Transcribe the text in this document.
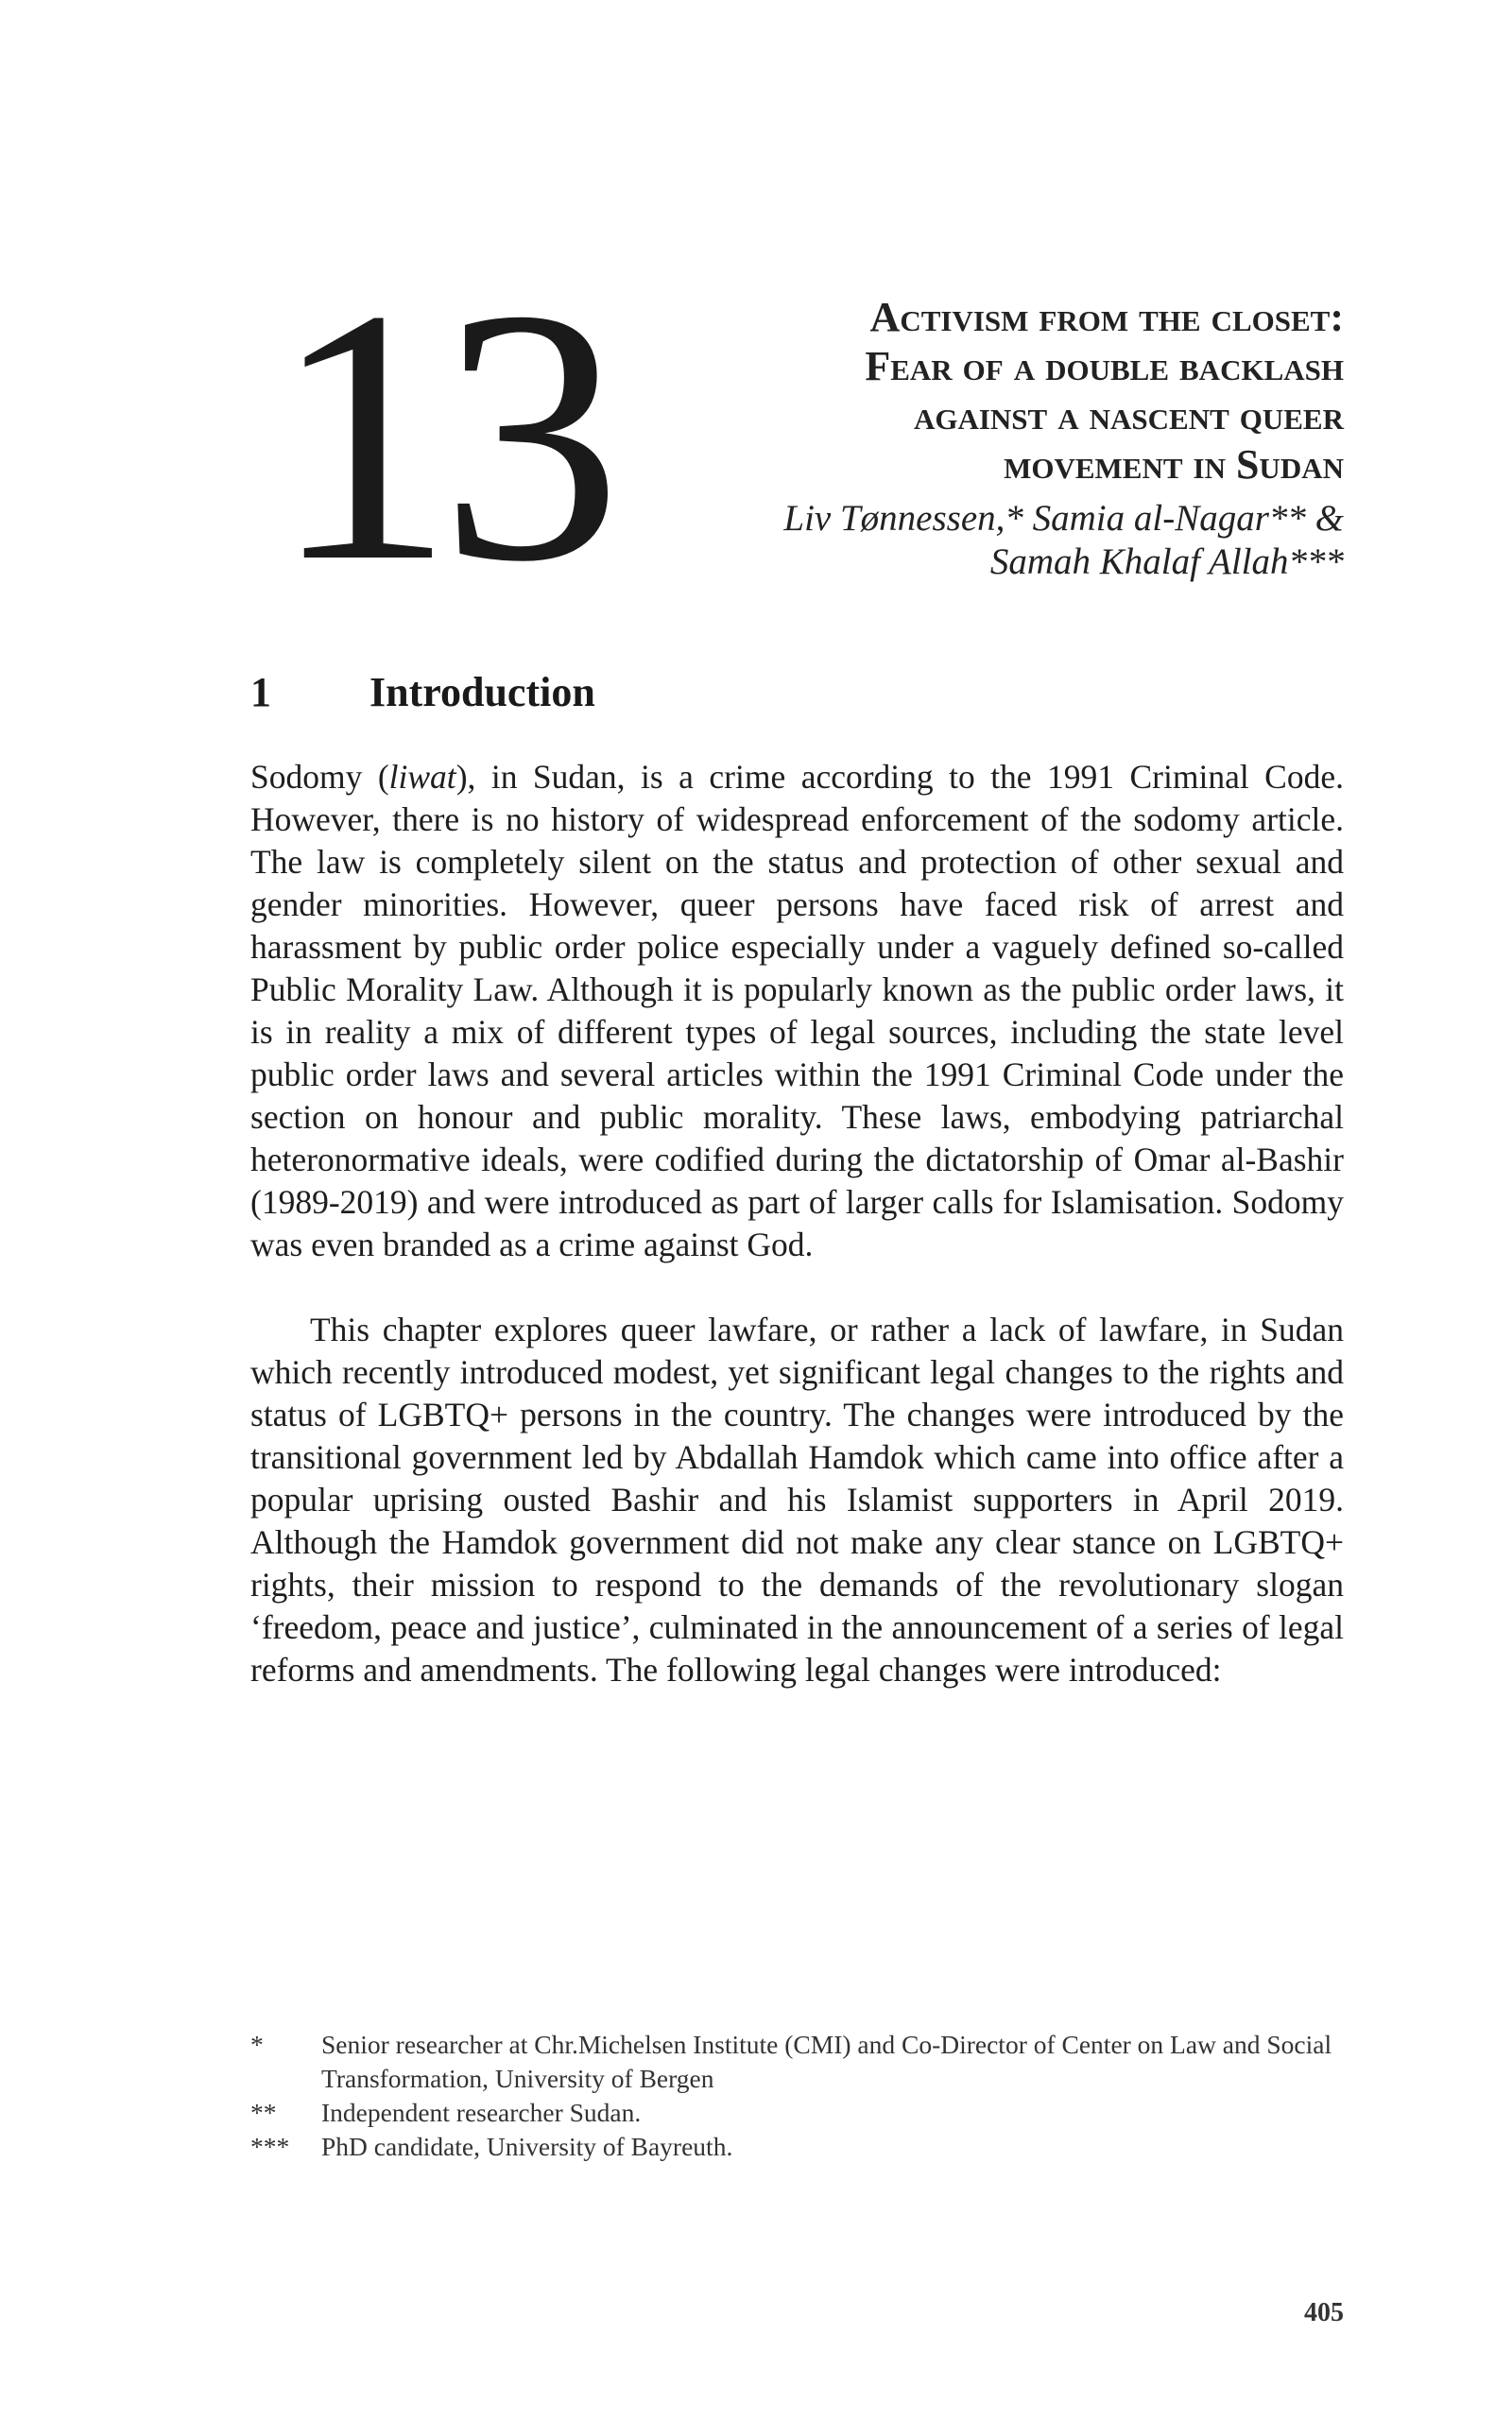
13	Activism from the closet:
Fear of a double backlash
against a nascent queer
movement in Sudan
Liv Tønnessen,* Samia al-Nagar** &
Samah Khalaf Allah***
1 Introduction

Sodomy (liwat), in Sudan, is a crime according to the 1991 Criminal Code. However, there is no history of widespread enforcement of the sodomy article. The law is completely silent on the status and protection of other sexual and gender minorities. However, queer persons have faced risk of arrest and harassment by public order police especially under a vaguely defined so-called Public Morality Law. Although it is popularly known as the public order laws, it is in reality a mix of different types of legal sources, including the state level public order laws and several articles within the 1991 Criminal Code under the section on honour and public morality. These laws, embodying patriarchal heteronormative ideals, were codified during the dictatorship of Omar al-Bashir (1989-2019) and were introduced as part of larger calls for Islamisation. Sodomy was even branded as a crime against God.

This chapter explores queer lawfare, or rather a lack of lawfare, in Sudan which recently introduced modest, yet significant legal changes to the rights and status of LGBTQ+ persons in the country. The changes were introduced by the transitional government led by Abdallah Hamdok which came into office after a popular uprising ousted Bashir and his Islamist supporters in April 2019. Although the Hamdok government did not make any clear stance on LGBTQ+ rights, their mission to respond to the demands of the revolutionary slogan ‘freedom, peace and justice’, culminated in the announcement of a series of legal reforms and amendments. The following legal changes were introduced:

*	Senior researcher at Chr.Michelsen Institute (CMI) and Co-Director of Center on Law and Social Transformation, University of Bergen
**	Independent researcher Sudan.
***	PhD candidate, University of Bayreuth.
405
